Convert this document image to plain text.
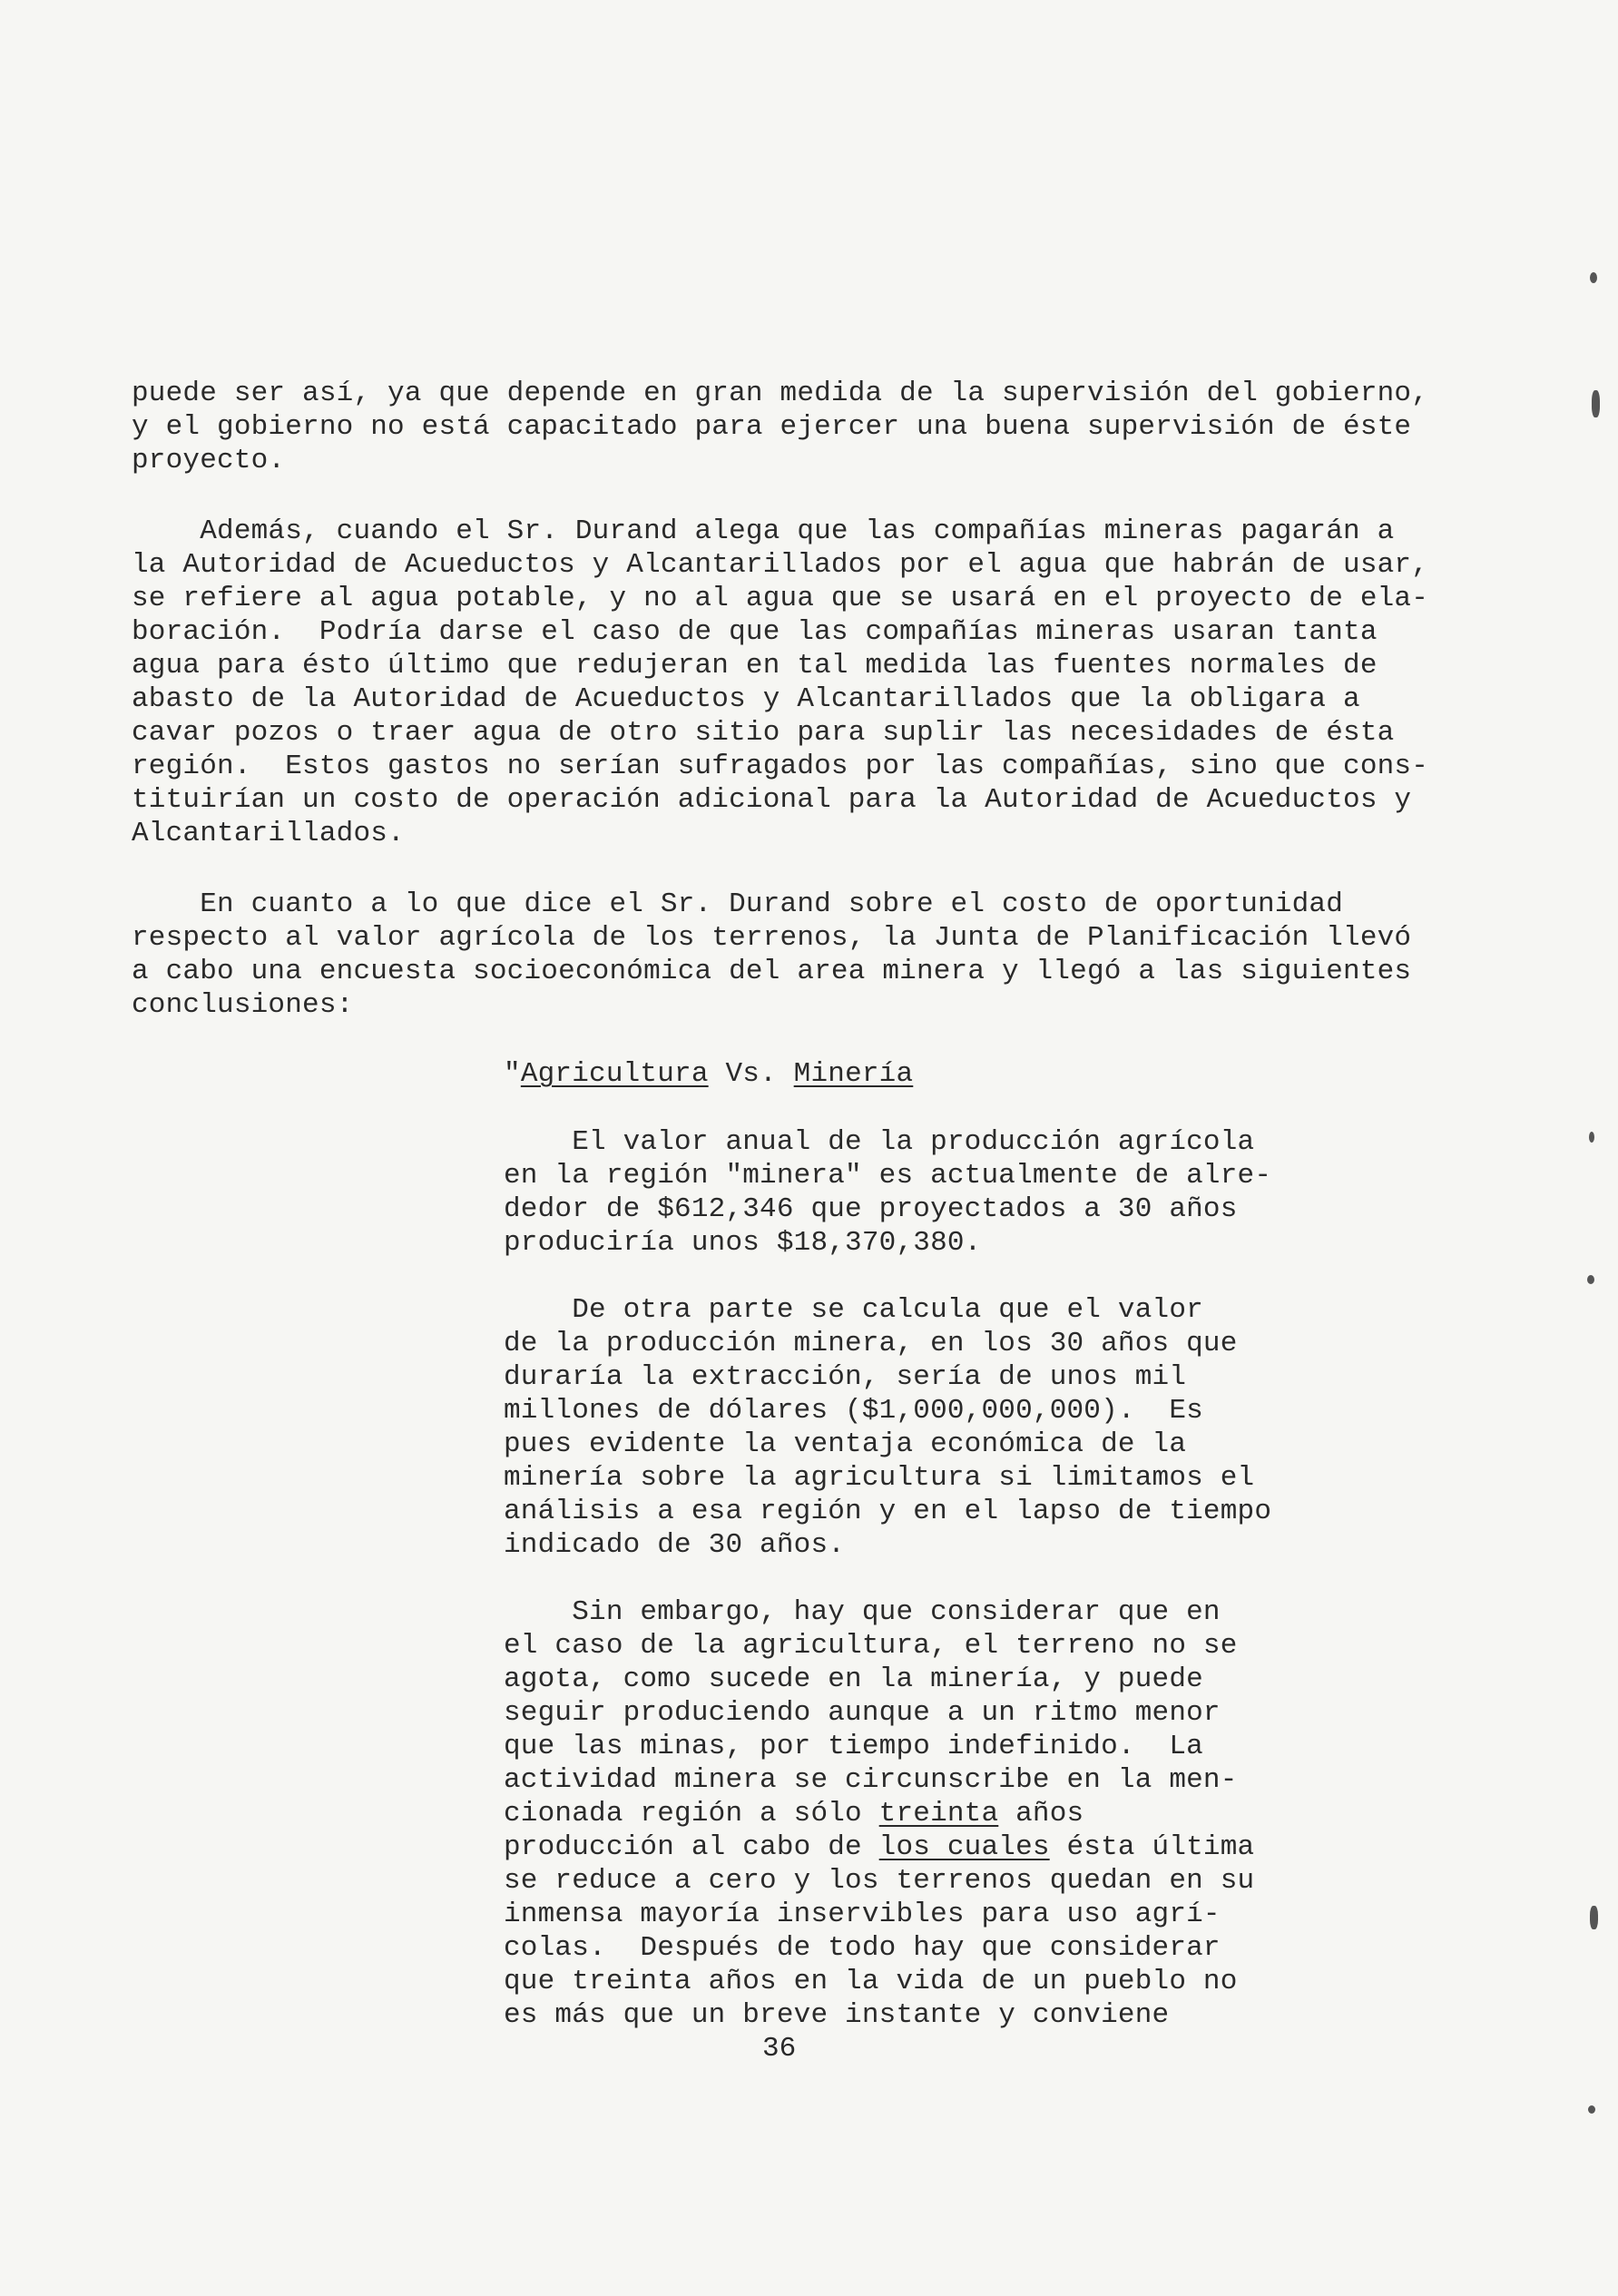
puede ser así, ya que depende en gran medida de la supervisión del gobierno,
y el gobierno no está capacitado para ejercer una buena supervisión de éste
proyecto.
Además, cuando el Sr. Durand alega que las compañías mineras pagarán a
la Autoridad de Acueductos y Alcantarillados por el agua que habrán de usar,
se refiere al agua potable, y no al agua que se usará en el proyecto de ela-
boración.  Podría darse el caso de que las compañías mineras usaran tanta
agua para ésto último que redujeran en tal medida las fuentes normales de
abasto de la Autoridad de Acueductos y Alcantarillados que la obligara a
cavar pozos o traer agua de otro sitio para suplir las necesidades de ésta
región.  Estos gastos no serían sufragados por las compañías, sino que cons-
tituirían un costo de operación adicional para la Autoridad de Acueductos y
Alcantarillados.
En cuanto a lo que dice el Sr. Durand sobre el costo de oportunidad
respecto al valor agrícola de los terrenos, la Junta de Planificación llevó
a cabo una encuesta socioeconómica del area minera y llegó a las siguientes
conclusiones:
"Agricultura Vs. Minería
El valor anual de la producción agrícola
en la región "minera" es actualmente de alre-
dedor de $612,346 que proyectados a 30 años
produciría unos $18,370,380.
De otra parte se calcula que el valor
de la producción minera, en los 30 años que
duraría la extracción, sería de unos mil
millones de dólares ($1,000,000,000).  Es
pues evidente la ventaja económica de la
minería sobre la agricultura si limitamos el
análisis a esa región y en el lapso de tiempo
indicado de 30 años.
Sin embargo, hay que considerar que en
el caso de la agricultura, el terreno no se
agota, como sucede en la minería, y puede
seguir produciendo aunque a un ritmo menor
que las minas, por tiempo indefinido.  La
actividad minera se circunscribe en la men-
cionada región a sólo treinta años
producción al cabo de los cuales ésta última
se reduce a cero y los terrenos quedan en su
inmensa mayoría inservibles para uso agrí-
colas.  Después de todo hay que considerar
que treinta años en la vida de un pueblo no
es más que un breve instante y conviene
36
